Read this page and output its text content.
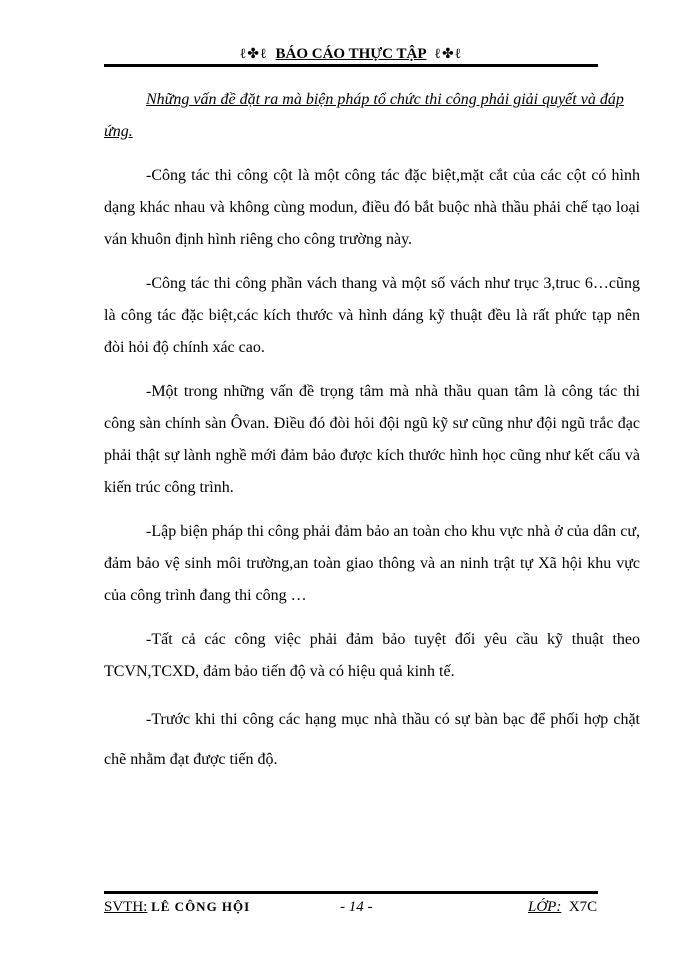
ℓ✤ℓ BÁO CÁO THỰC TẬP ℓ✤ℓ

Những vấn đề đặt ra mà biện pháp tổ chức thi công phải giải quyết và đáp ứng.

-Công tác thi công cột là một công tác đặc biệt,mặt cắt của các cột có hình dạng khác nhau và không cùng modun, điều đó bắt buộc nhà thầu phải chế tạo loại ván khuôn định hình riêng cho công trường này.

-Công tác thi công phần vách thang và một số vách như trục 3,truc 6…cũng là công tác đặc biệt,các kích thước và hình dáng kỹ thuật đều là rất phức tạp nên đòi hỏi độ chính xác cao.

-Một trong những vấn đề trọng tâm mà nhà thầu quan tâm là công tác thi công sàn chính sàn Ôvan. Điều đó đòi hỏi đội ngũ kỹ sư cũng như đội ngũ trắc đạc phải thật sự lành nghề mới đảm bảo được kích thước hình học cũng như kết cấu và kiến trúc công trình.

-Lập biện pháp thi công phải đảm bảo an toàn cho khu vực nhà ở của dân cư, đảm bảo vệ sinh môi trường,an toàn giao thông và an ninh trật tự Xã hội khu vực của công trình đang thi công …

-Tất cả các công việc phải đảm bảo tuyệt đối yêu cầu kỹ thuật theo TCVN,TCXD, đảm bảo tiến độ và có hiệu quả kinh tế.

-Trước khi thi công các hạng mục nhà thầu có sự bàn bạc để phối hợp chặt chẽ nhằm đạt được tiến độ.

SVTH: LÊ CÔNG HỘI	- 14 -	LỚP: X7C
